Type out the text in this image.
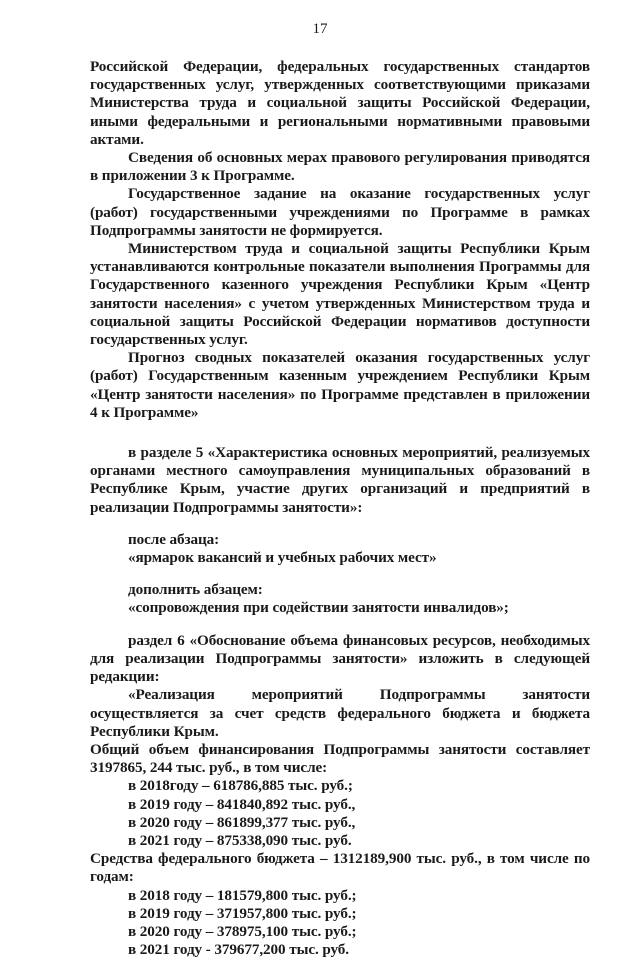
17

Российской Федерации, федеральных государственных стандартов государственных услуг, утвержденных соответствующими приказами Министерства труда и социальной защиты Российской Федерации, иными федеральными и региональными нормативными правовыми актами.

Сведения об основных мерах правового регулирования приводятся в приложении 3 к Программе.

Государственное задание на оказание государственных услуг (работ) государственными учреждениями по Программе в рамках Подпрограммы занятости не формируется.

Министерством труда и социальной защиты Республики Крым устанавливаются контрольные показатели выполнения Программы для Государственного казенного учреждения Республики Крым «Центр занятости населения» с учетом утвержденных Министерством труда и социальной защиты Российской Федерации нормативов доступности государственных услуг.

Прогноз сводных показателей оказания государственных услуг (работ) Государственным казенным учреждением Республики Крым «Центр занятости населения» по Программе представлен в приложении 4 к Программе»

в разделе 5 «Характеристика основных мероприятий, реализуемых органами местного самоуправления муниципальных образований в Республике Крым, участие других организаций и предприятий в реализации Подпрограммы занятости»:

после абзаца:

«ярмарок вакансий и учебных рабочих мест»

дополнить абзацем:

«сопровождения при содействии занятости инвалидов»;

раздел 6 «Обоснование объема финансовых ресурсов, необходимых для реализации Подпрограммы занятости» изложить в следующей редакции:

«Реализация мероприятий Подпрограммы занятости осуществляется за счет средств федерального бюджета и бюджета Республики Крым.

Общий объем финансирования Подпрограммы занятости составляет 3197865, 244 тыс. руб., в том числе:

в 2018году – 618786,885 тыс. руб.;

в 2019 году – 841840,892 тыс. руб.,

в 2020 году – 861899,377 тыс. руб.,

в 2021 году – 875338,090 тыс. руб.

Средства федерального бюджета – 1312189,900 тыс. руб., в том числе по годам:

в 2018 году – 181579,800 тыс. руб.;

в 2019 году – 371957,800 тыс. руб.;

в 2020 году – 378975,100 тыс. руб.;

в 2021 году - 379677,200 тыс. руб.
